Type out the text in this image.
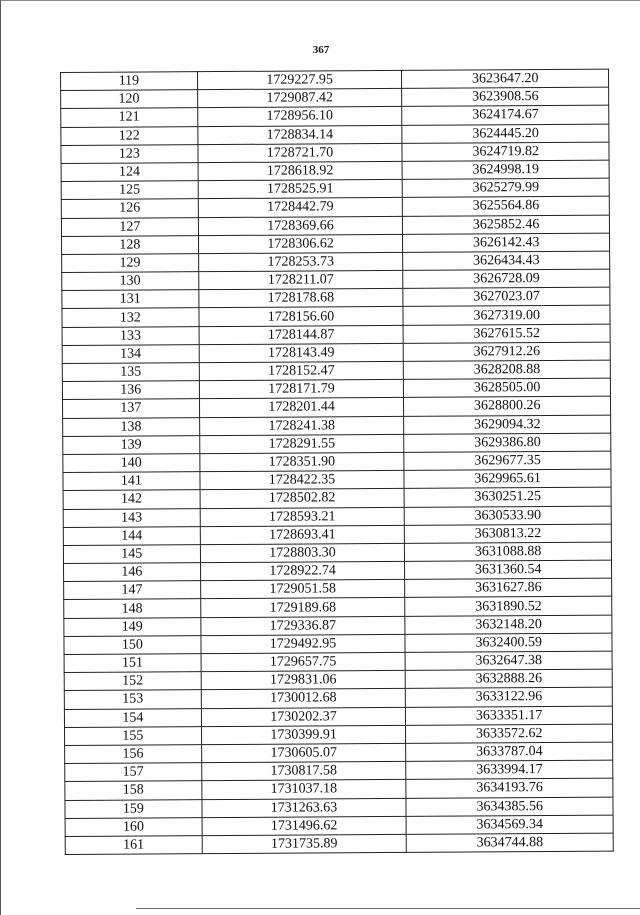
367
119	1729227.95	3623647.20
120	1729087.42	3623908.56
121	1728956.10	3624174.67
122	1728834.14	3624445.20
123	1728721.70	3624719.82
124	1728618.92	3624998.19
125	1728525.91	3625279.99
126	1728442.79	3625564.86
127	1728369.66	3625852.46
128	1728306.62	3626142.43
129	1728253.73	3626434.43
130	1728211.07	3626728.09
131	1728178.68	3627023.07
132	1728156.60	3627319.00
133	1728144.87	3627615.52
134	1728143.49	3627912.26
135	1728152.47	3628208.88
136	1728171.79	3628505.00
137	1728201.44	3628800.26
138	1728241.38	3629094.32
139	1728291.55	3629386.80
140	1728351.90	3629677.35
141	1728422.35	3629965.61
142	1728502.82	3630251.25
143	1728593.21	3630533.90
144	1728693.41	3630813.22
145	1728803.30	3631088.88
146	1728922.74	3631360.54
147	1729051.58	3631627.86
148	1729189.68	3631890.52
149	1729336.87	3632148.20
150	1729492.95	3632400.59
151	1729657.75	3632647.38
152	1729831.06	3632888.26
153	1730012.68	3633122.96
154	1730202.37	3633351.17
155	1730399.91	3633572.62
156	1730605.07	3633787.04
157	1730817.58	3633994.17
158	1731037.18	3634193.76
159	1731263.63	3634385.56
160	1731496.62	3634569.34
161	1731735.89	3634744.88
